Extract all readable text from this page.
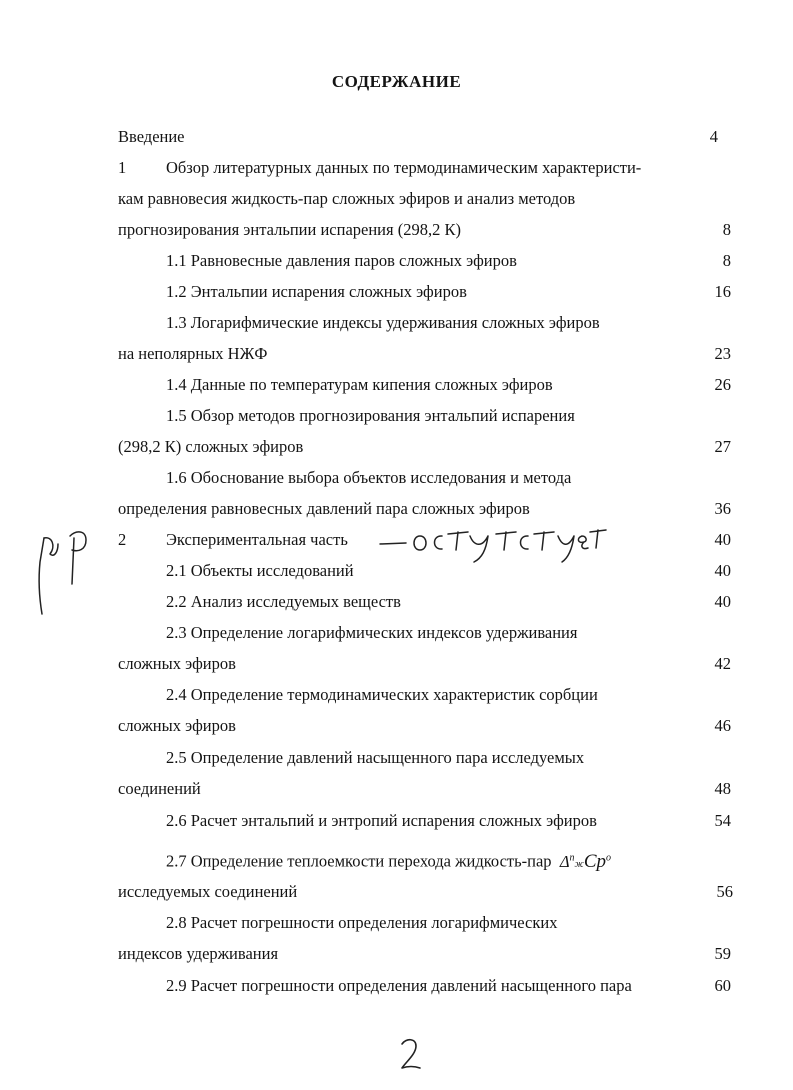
СОДЕРЖАНИЕ
Введение	4
1 Обзор литературных данных по термодинамическим характеристи-
кам равновесия жидкость-пар сложных эфиров и анализ методов
прогнозирования энтальпии испарения (298,2 К)	8
1.1 Равновесные давления паров сложных эфиров	8
1.2 Энтальпии испарения сложных эфиров	16
1.3 Логарифмические индексы удерживания сложных эфиров
на неполярных НЖФ	23
1.4 Данные по температурам кипения сложных эфиров	26
1.5 Обзор методов прогнозирования энтальпий испарения
(298,2 К) сложных эфиров	27
1.6 Обоснование выбора объектов исследования и метода
определения равновесных давлений пара сложных эфиров	36
2 Экспериментальная часть	40
2.1 Объекты исследований	40
2.2 Анализ исследуемых веществ	40
2.3 Определение логарифмических индексов удерживания
сложных эфиров	42
2.4 Определение термодинамических характеристик сорбции
сложных эфиров	46
2.5 Определение давлений насыщенного пара исследуемых
соединений	48
2.6 Расчет энтальпий и энтропий испарения сложных эфиров	54
2.7 Определение теплоемкости перехода жидкость-пар $\Delta^пжCp^o$
исследуемых соединений	56
2.8 Расчет погрешности определения логарифмических
индексов удерживания	59
2.9 Расчет погрешности определения давлений насыщенного пара	60
отсутствует
мр
2
